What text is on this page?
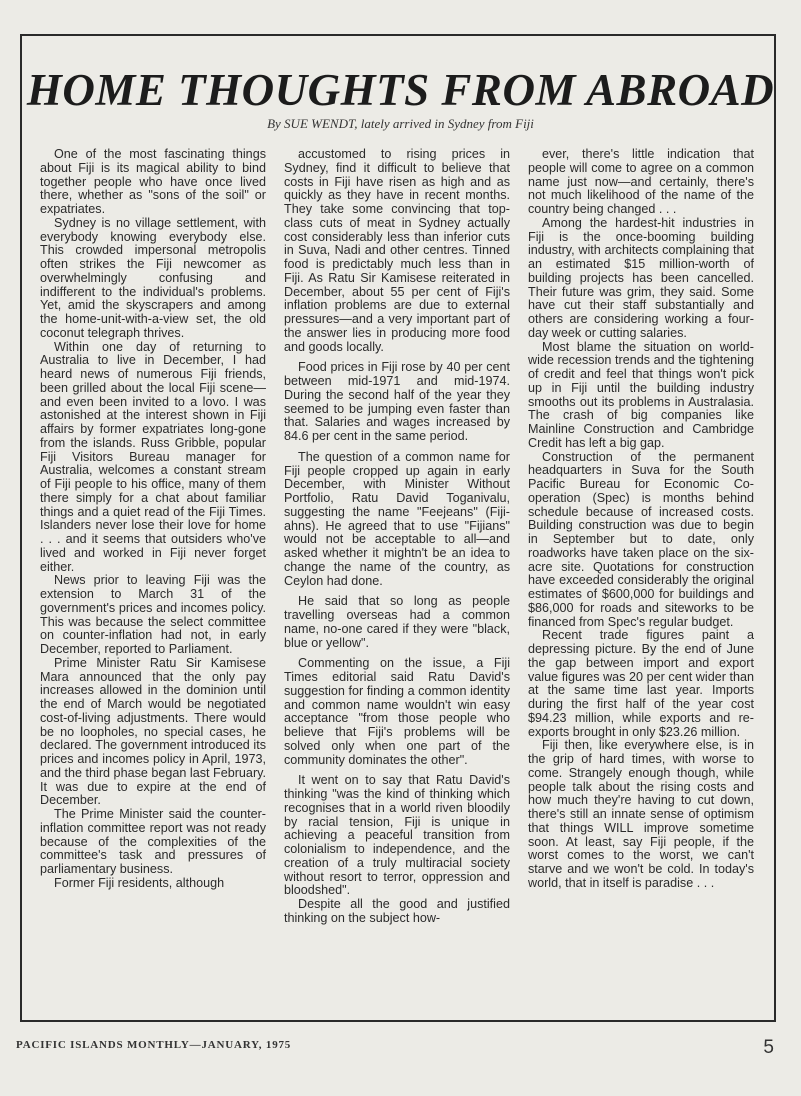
HOME THOUGHTS FROM ABROAD
By SUE WENDT, lately arrived in Sydney from Fiji

One of the most fascinating things about Fiji is its magical ability to bind together people who have once lived there, whether as "sons of the soil" or expatriates.

Sydney is no village settlement, with everybody knowing everybody else. This crowded impersonal metropolis often strikes the Fiji newcomer as overwhelmingly confusing and indifferent to the individual's problems. Yet, amid the skyscrapers and among the home-unit-with-a-view set, the old coconut telegraph thrives.

Within one day of returning to Australia to live in December, I had heard news of numerous Fiji friends, been grilled about the local Fiji scene—and even been invited to a lovo. I was astonished at the interest shown in Fiji affairs by former expatriates long-gone from the islands. Russ Gribble, popular Fiji Visitors Bureau manager for Australia, welcomes a constant stream of Fiji people to his office, many of them there simply for a chat about familiar things and a quiet read of the Fiji Times. Islanders never lose their love for home . . . and it seems that outsiders who've lived and worked in Fiji never forget either.

News prior to leaving Fiji was the extension to March 31 of the government's prices and incomes policy. This was because the select committee on counter-inflation had not, in early December, reported to Parliament.

Prime Minister Ratu Sir Kamisese Mara announced that the only pay increases allowed in the dominion until the end of March would be negotiated cost-of-living adjustments. There would be no loopholes, no special cases, he declared. The government introduced its prices and incomes policy in April, 1973, and the third phase began last February. It was due to expire at the end of December.

The Prime Minister said the counter-inflation committee report was not ready because of the complexities of the committee's task and pressures of parliamentary business.

Former Fiji residents, although

accustomed to rising prices in Sydney, find it difficult to believe that costs in Fiji have risen as high and as quickly as they have in recent months. They take some convincing that top-class cuts of meat in Sydney actually cost considerably less than inferior cuts in Suva, Nadi and other centres. Tinned food is predictably much less than in Fiji. As Ratu Sir Kamisese reiterated in December, about 55 per cent of Fiji's inflation problems are due to external pressures—and a very important part of the answer lies in producing more food and goods locally.

Food prices in Fiji rose by 40 per cent between mid-1971 and mid-1974. During the second half of the year they seemed to be jumping even faster than that. Salaries and wages increased by 84.6 per cent in the same period.

The question of a common name for Fiji people cropped up again in early December, with Minister Without Portfolio, Ratu David Toganivalu, suggesting the name "Feejeans" (Fiji-ahns). He agreed that to use "Fijians" would not be acceptable to all—and asked whether it mightn't be an idea to change the name of the country, as Ceylon had done.

He said that so long as people travelling overseas had a common name, no-one cared if they were "black, blue or yellow".

Commenting on the issue, a Fiji Times editorial said Ratu David's suggestion for finding a common identity and common name wouldn't win easy acceptance "from those people who believe that Fiji's problems will be solved only when one part of the community dominates the other".

It went on to say that Ratu David's thinking "was the kind of thinking which recognises that in a world riven bloodily by racial tension, Fiji is unique in achieving a peaceful transition from colonialism to independence, and the creation of a truly multiracial society without resort to terror, oppression and bloodshed".

Despite all the good and justified thinking on the subject how-

ever, there's little indication that people will come to agree on a common name just now—and certainly, there's not much likelihood of the name of the country being changed . . .

Among the hardest-hit industries in Fiji is the once-booming building industry, with architects complaining that an estimated $15 million-worth of building projects has been cancelled. Their future was grim, they said. Some have cut their staff substantially and others are considering working a four-day week or cutting salaries.

Most blame the situation on world-wide recession trends and the tightening of credit and feel that things won't pick up in Fiji until the building industry smooths out its problems in Australasia. The crash of big companies like Mainline Construction and Cambridge Credit has left a big gap.

Construction of the permanent headquarters in Suva for the South Pacific Bureau for Economic Co-operation (Spec) is months behind schedule because of increased costs. Building construction was due to begin in September but to date, only roadworks have taken place on the six-acre site. Quotations for construction have exceeded considerably the original estimates of $600,000 for buildings and $86,000 for roads and siteworks to be financed from Spec's regular budget.

Recent trade figures paint a depressing picture. By the end of June the gap between import and export value figures was 20 per cent wider than at the same time last year. Imports during the first half of the year cost $94.23 million, while exports and re-exports brought in only $23.26 million.

Fiji then, like everywhere else, is in the grip of hard times, with worse to come. Strangely enough though, while people talk about the rising costs and how much they're having to cut down, there's still an innate sense of optimism that things WILL improve sometime soon. At least, say Fiji people, if the worst comes to the worst, we can't starve and we won't be cold. In today's world, that in itself is paradise . . .

PACIFIC ISLANDS MONTHLY—JANUARY, 1975	5
